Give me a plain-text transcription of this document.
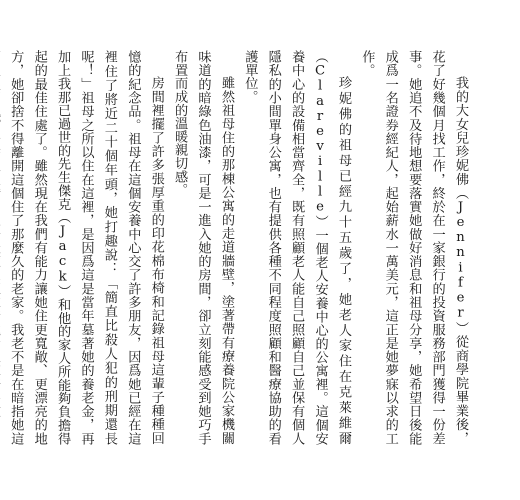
我的大女兒珍妮佛（Jennifer）從商學院畢業後，花了好幾個月找工作，終於在一家銀行的投資服務部門獲得一份差事。她追不及待地想要落實她做好消息和祖母分享，她希望日後能成爲一名證券經紀人，起始薪水一萬美元，這正是她夢寐以求的工作。

珍妮佛的祖母已經九十五歲了，她老人家住在克萊維爾（Clareville）一個老人安養中心的公寓裡。這個安養中心的設備相當齊全，既有照顧老人能自己照顧自己並保有個人隱私的小間單身公寓，也有提供各種不同程度照顧和醫療協助的看護單位。

雖然祖母住的那棟公寓的走道牆壁，塗著帶有療養院公家機關味道的暗綠色油漆，可是一進入她的房間，卻立刻能感受到她巧手布置而成的溫暖親切感。

房間裡擺了許多張厚重的印花棉布椅和記錄祖母這輩子種種回憶的紀念品。祖母在這個安養中心交了許多朋友，因爲她已經在這裡住了將近二十個年頭，她打趣說：「簡直比殺人犯的刑期還長呢！」祖母之所以住在這裡，是因爲這是當年墓著她的養老金，再加上我那已過世的先生傑克（Jack）和他的家人所能夠負擔得起的最佳住處了。雖然現在我們有能力讓她住更寬敞、更漂亮的地方，她卻捨不得離開這個住了那麼久的老家。我老不是在暗指她這
